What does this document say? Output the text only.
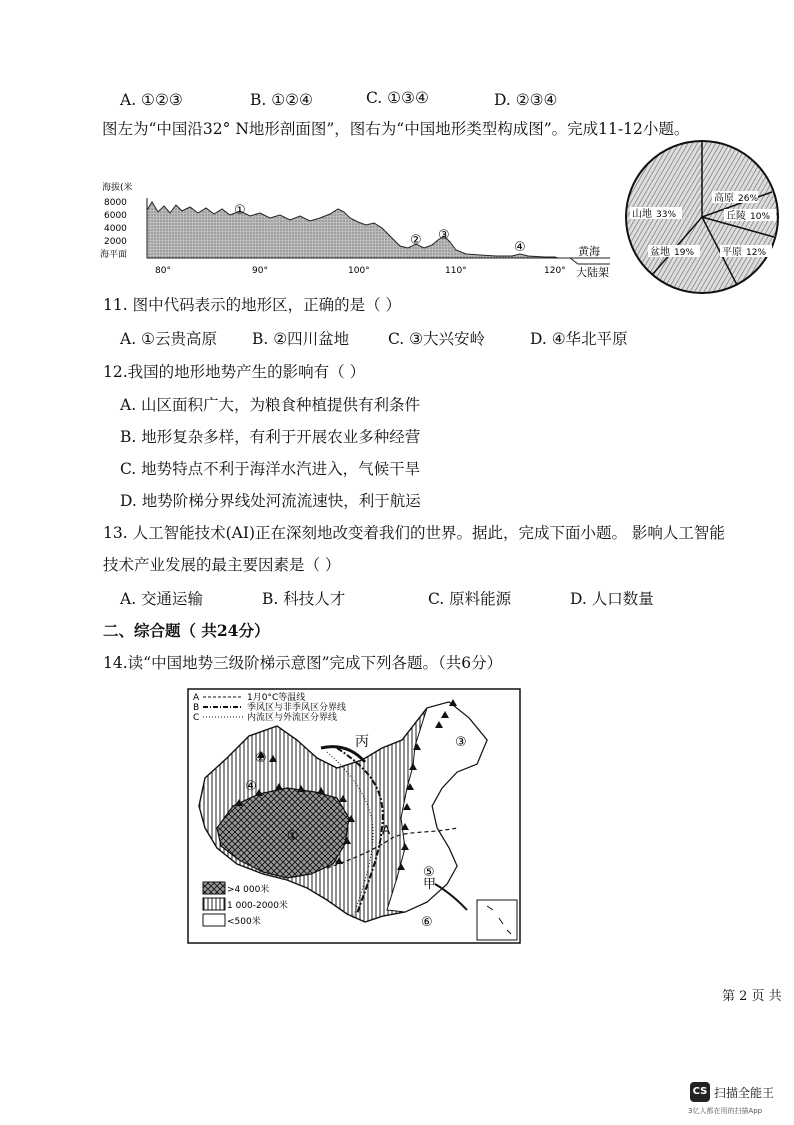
A. ①②③	B. ①②④	C. ①③④	D. ②③④
图左为“中国沿32° N地形剖面图”，图右为“中国地形类型构成图”。完成11-12小题。
海拔(米
8000
6000
4000
2000
海平面
①
② ③
④	黄海
大陆架
80°	90°	100°	110°	120°
高原 26%
丘陵 10%
平原 12%
盆地 19%
山地 33%
11. 图中代码表示的地形区，正确的是（ ）
A. ①云贵高原 B. ②四川盆地	C. ③大兴安岭	D. ④华北平原
12.我国的地形地势产生的影响有（ ）
A. 山区面积广大，为粮食种植提供有利条件
B. 地形复杂多样，有利于开展农业多种经营
C. 地势特点不利于海洋水汽进入，气候干旱
D. 地势阶梯分界线处河流流速快，利于航运
13. 人工智能技术(AI)正在深刻地改变着我们的世界。据此，完成下面小题。 影响人工智能
技术产业发展的最主要因素是（ ）
A. 交通运输	B. 科技人才	C. 原料能源	D. 人口数量
二、综合题（ 共24分）
14.读“中国地势三级阶梯示意图”完成下列各题。（共6分）
②
③
④
①
⑤
⑥
丙
甲
A
A	1月0°C等温线
B	季风区与非季风区分界线
C	内流区与外流区分界线
>4 000米
1 000-2000米
<500米
第 2 页 共
CS 扫描全能王
3亿人都在用的扫描App
